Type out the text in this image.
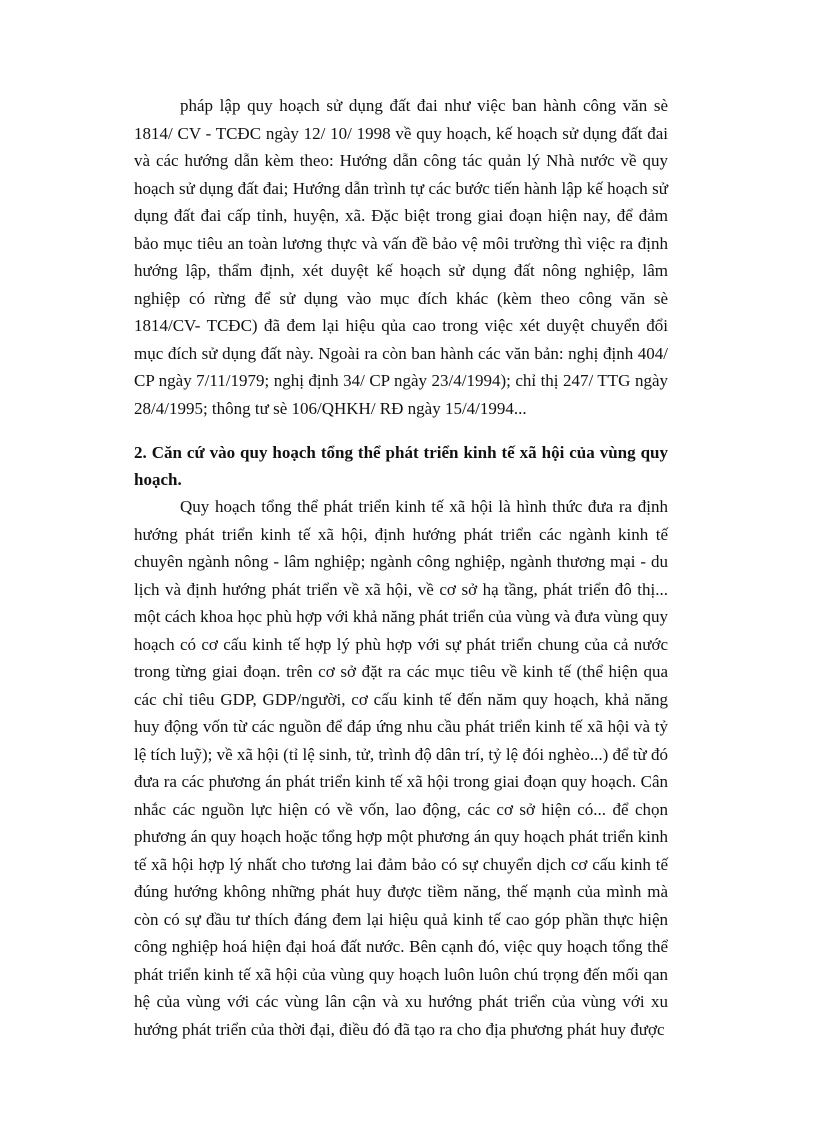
pháp lập quy hoạch sử dụng đất đai như việc ban hành công văn sè 1814/ CV - TCĐC ngày 12/ 10/ 1998 về quy hoạch, kế hoạch sử dụng đất đai và các hướng dẫn kèm theo: Hướng dẫn công tác quản lý Nhà nước về quy hoạch sử dụng đất đai; Hướng dẫn trình tự các bước tiến hành lập kế hoạch sử dụng đất đai cấp tỉnh, huyện, xã. Đặc biệt trong giai đoạn hiện nay, để đảm bảo mục tiêu an toàn lương thực và vấn đề bảo vệ môi trường thì việc ra định hướng lập, thẩm định, xét duyệt kế hoạch sử dụng đất nông nghiệp, lâm nghiệp có rừng để sử dụng vào mục đích khác (kèm theo công văn sè 1814/CV- TCĐC) đã đem lại hiệu qủa cao trong việc xét duyệt chuyển đổi mục đích sử dụng đất này. Ngoài ra còn ban hành các văn bản: nghị định 404/ CP ngày 7/11/1979; nghị định 34/ CP ngày 23/4/1994); chỉ thị 247/ TTG ngày 28/4/1995; thông tư sè 106/QHKH/ RĐ ngày 15/4/1994...

2. Căn cứ vào quy hoạch tổng thể phát triển kinh tế xã hội của vùng quy hoạch.

Quy hoạch tổng thể phát triển kinh tế xã hội là hình thức đưa ra định hướng phát triển kinh tế xã hội, định hướng phát triển các ngành kinh tế chuyên ngành nông - lâm nghiệp; ngành công nghiệp, ngành thương mại - du lịch và định hướng phát triển về xã hội, về cơ sở hạ tầng, phát triển đô thị... một cách khoa học phù hợp với khả năng phát triển của vùng và đưa vùng quy hoạch có cơ cấu kinh tế hợp lý phù hợp với sự phát triển chung của cả nước trong từng giai đoạn. trên cơ sở đặt ra các mục tiêu về kinh tế (thể hiện qua các chỉ tiêu GDP, GDP/người, cơ cấu kinh tế đến năm quy hoạch, khả năng huy động vốn từ các nguồn để đáp ứng nhu cầu phát triển kinh tế xã hội và tỷ lệ tích luỹ); về xã hội (tỉ lệ sinh, tử, trình độ dân trí, tỷ lệ đói nghèo...) để từ đó đưa ra các phương án phát triển kinh tế xã hội trong giai đoạn quy hoạch. Cân nhắc các nguồn lực hiện có về vốn, lao động, các cơ sở hiện có... để chọn phương án quy hoạch hoặc tổng hợp một phương án quy hoạch phát triển kinh tế xã hội hợp lý nhất cho tương lai đảm bảo có sự chuyển dịch cơ cấu kinh tế đúng hướng không những phát huy được tiềm năng, thế mạnh của mình mà còn có sự đầu tư thích đáng đem lại hiệu quả kinh tế cao góp phần thực hiện công nghiệp hoá hiện đại hoá đất nước. Bên cạnh đó, việc quy hoạch tổng thể phát triển kinh tế xã hội của vùng quy hoạch luôn luôn chú trọng đến mối qan hệ của vùng với các vùng lân cận và xu hướng phát triển của vùng với xu hướng phát triển của thời đại, điều đó đã tạo ra cho địa phương phát huy được
